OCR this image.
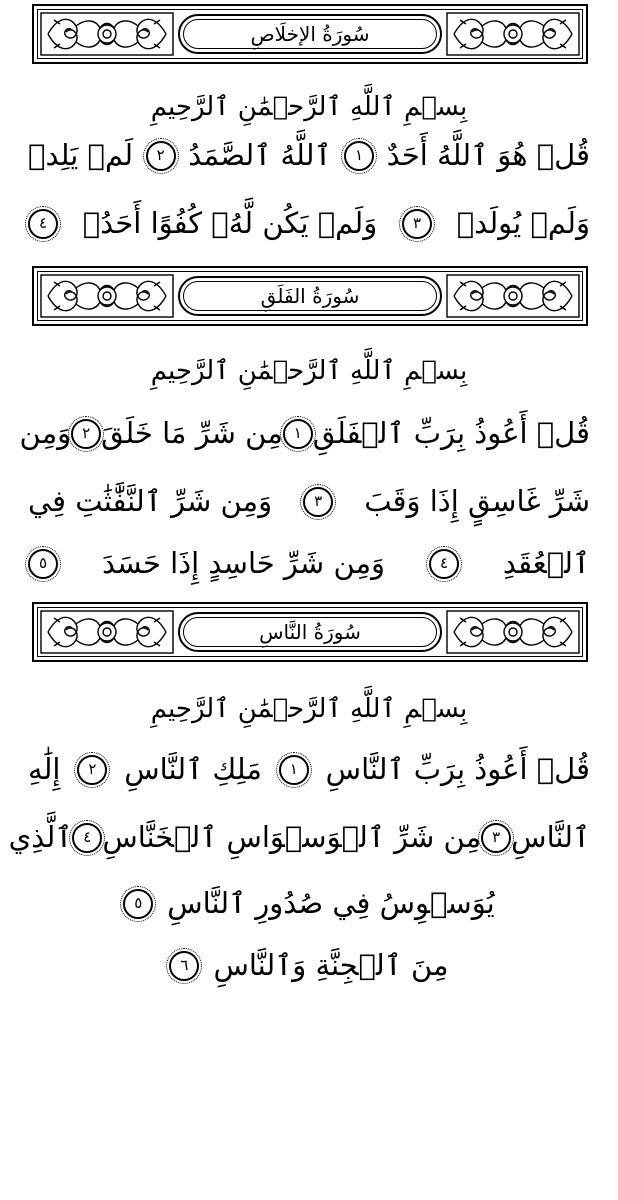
سُورَةُ الإخلَاصِ
بِسۡمِ ٱللَّهِ ٱلرَّحۡمَٰنِ ٱلرَّحِيمِ
قُلۡ هُوَ ٱللَّهُ أَحَدٌ
١
ٱللَّهُ ٱلصَّمَدُ
٢
لَمۡ يَلِدۡ
وَلَمۡ يُولَدۡ
٣
وَلَمۡ يَكُن لَّهُۥ كُفُوًا أَحَدُۢ
٤
سُورَةُ الفَلَقِ
بِسۡمِ ٱللَّهِ ٱلرَّحۡمَٰنِ ٱلرَّحِيمِ
قُلۡ أَعُوذُ بِرَبِّ ٱلۡفَلَقِ
١
مِن شَرِّ مَا خَلَقَ
٢
وَمِن
شَرِّ غَاسِقٍ إِذَا وَقَبَ
٣
وَمِن شَرِّ ٱلنَّفَّٰثَٰتِ فِي
ٱلۡعُقَدِ
٤
وَمِن شَرِّ حَاسِدٍ إِذَا حَسَدَ
٥
سُورَةُ النَّاسِ
بِسۡمِ ٱللَّهِ ٱلرَّحۡمَٰنِ ٱلرَّحِيمِ
قُلۡ أَعُوذُ بِرَبِّ ٱلنَّاسِ
١
مَلِكِ ٱلنَّاسِ
٢
إِلَٰهِ
ٱلنَّاسِ
٣
مِن شَرِّ ٱلۡوَسۡوَاسِ ٱلۡخَنَّاسِ
٤
ٱلَّذِي
يُوَسۡوِسُ فِي صُدُورِ ٱلنَّاسِ
٥
مِنَ ٱلۡجِنَّةِ وَٱلنَّاسِ
٦
